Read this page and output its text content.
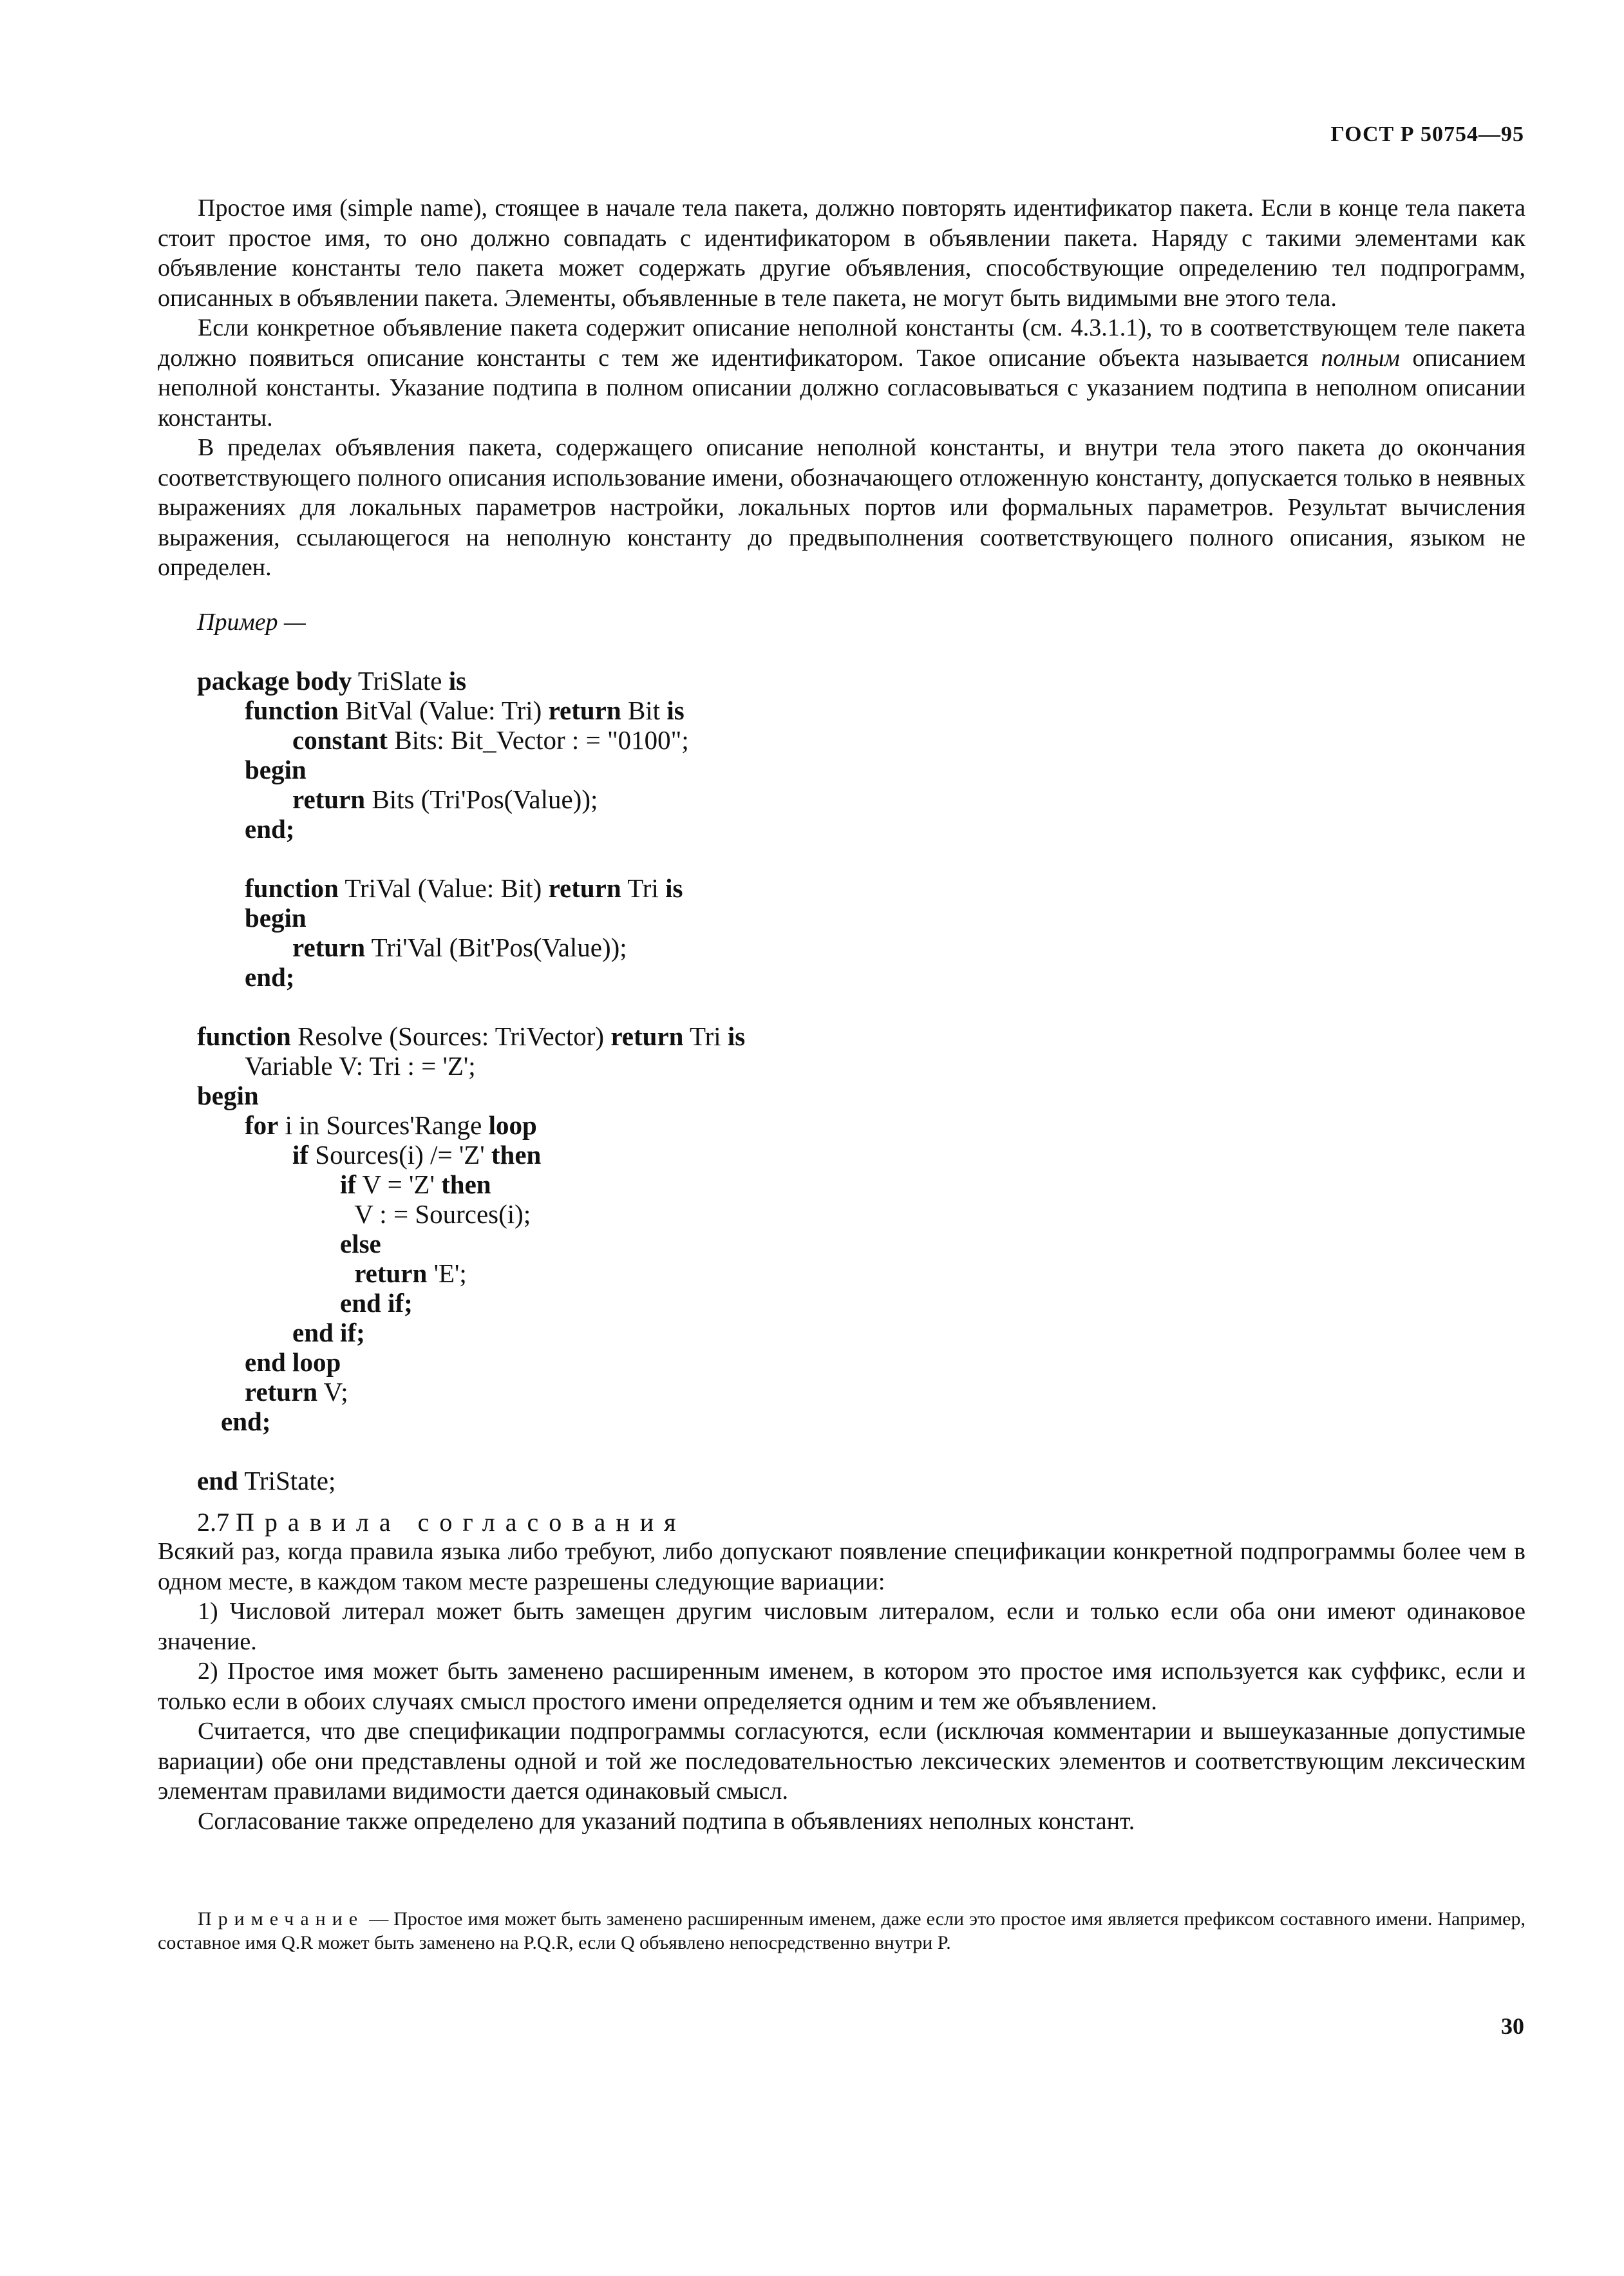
ГОСТ Р 50754—95

Простое имя (simple name), стоящее в начале тела пакета, должно повторять идентификатор пакета. Если в конце тела пакета стоит простое имя, то оно должно совпадать с идентификатором в объявлении пакета. Наряду с такими элементами как объявление константы тело пакета может содержать другие объявления, способствующие определению тел подпрограмм, описанных в объявлении пакета. Элементы, объявленные в теле пакета, не могут быть видимыми вне этого тела.

Если конкретное объявление пакета содержит описание неполной константы (см. 4.3.1.1), то в соответствующем теле пакета должно появиться описание константы с тем же идентификатором. Такое описание объекта называется полным описанием неполной константы. Указание подтипа в полном описании должно согласовываться с указанием подтипа в неполном описании константы.

В пределах объявления пакета, содержащего описание неполной константы, и внутри тела этого пакета до окончания соответствующего полного описания использование имени, обозначающего отложенную константу, допускается только в неявных выражениях для локальных параметров настройки, локальных портов или формальных параметров. Результат вычисления выражения, ссылающегося на неполную константу до предвыполнения соответствующего полного описания, языком не определен.

Пример —
package body TriSlate is
function BitVal (Value: Tri) return Bit is
constant Bits: Bit_Vector : = "0100";
begin
return Bits (Tri'Pos(Value));
end;
function TriVal (Value: Bit) return Tri is
begin
return Tri'Val (Bit'Pos(Value));
end;
function Resolve (Sources: TriVector) return Tri is
Variable V: Tri : = 'Z';
begin
for i in Sources'Range loop
if Sources(i) /= 'Z' then
if V = 'Z' then
V : = Sources(i);
else
return 'E';
end if;
end if;
end loop
return V;
end;
end TriState;
2.7 Правила согласования

Всякий раз, когда правила языка либо требуют, либо допускают появление спецификации конкретной подпрограммы более чем в одном месте, в каждом таком месте разрешены следующие вариации:

1) Числовой литерал может быть замещен другим числовым литералом, если и только если оба они имеют одинаковое значение.

2) Простое имя может быть заменено расширенным именем, в котором это простое имя используется как суффикс, если и только если в обоих случаях смысл простого имени определяется одним и тем же объявлением.

Считается, что две спецификации подпрограммы согласуются, если (исключая комментарии и вышеуказанные допустимые вариации) обе они представлены одной и той же последовательностью лексических элементов и соответствующим лексическим элементам правилами видимости дается одинаковый смысл.

Согласование также определено для указаний подтипа в объявлениях неполных констант.

Примечание — Простое имя может быть заменено расширенным именем, даже если это простое имя является префиксом составного имени. Например, составное имя Q.R может быть заменено на P.Q.R, если Q объявлено непосредственно внутри P.

30
